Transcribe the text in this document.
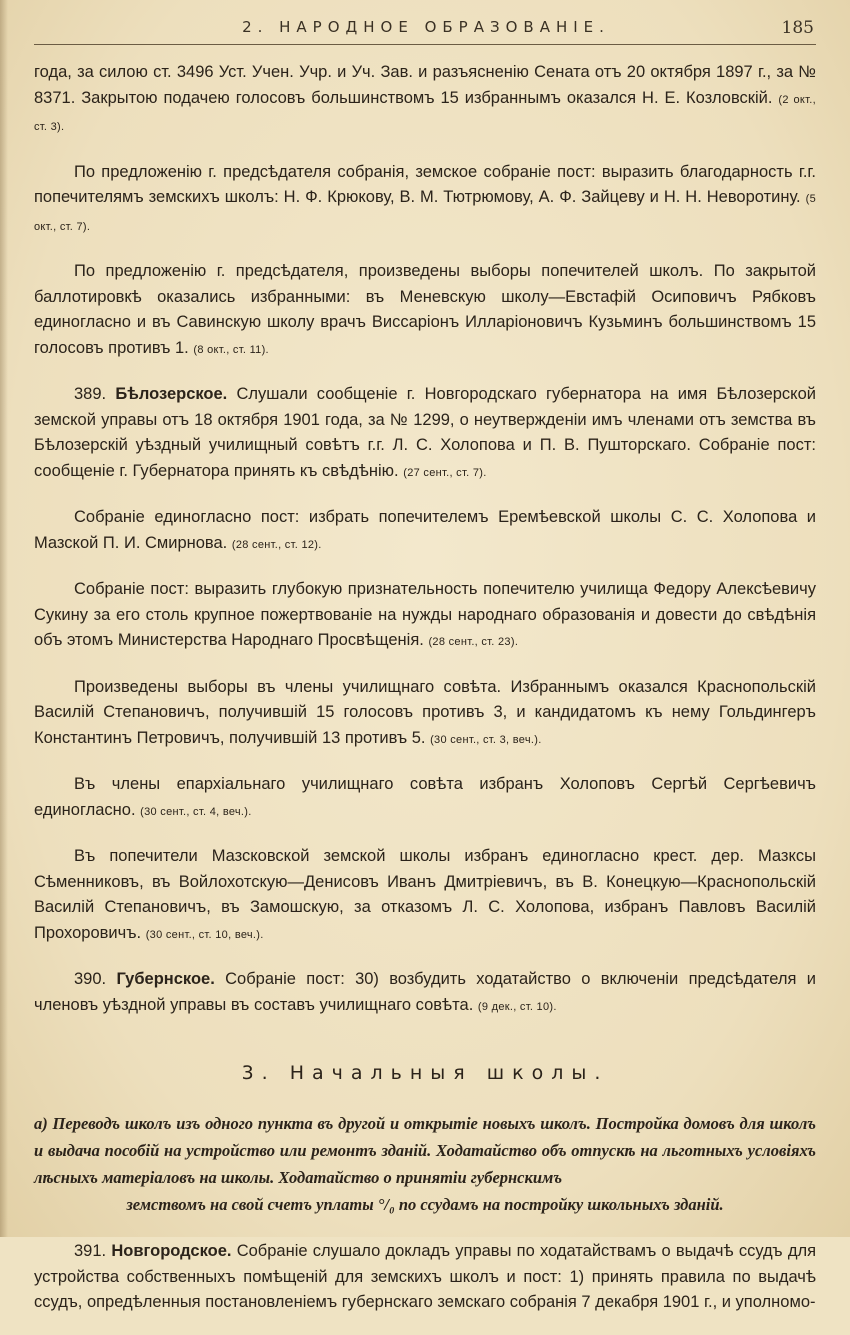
2. НАРОДНОЕ ОБРАЗОВАНІЕ.	185

года, за силою ст. 3496 Уст. Учен. Учр. и Уч. Зав. и разъясненію Сената отъ 20 октября 1897 г., за № 8371. Закрытою подачею голосовъ большинствомъ 15 избраннымъ оказался Н. Е. Козловскій. (2 окт., ст. 3).

По предложенію г. предсѣдателя собранія, земское собраніе пост: выразить благодарность г.г. попечителямъ земскихъ школъ: Н. Ф. Крюкову, В. М. Тютрюмову, А. Ф. Зайцеву и Н. Н. Неворотину. (5 окт., ст. 7).

По предложенію г. предсѣдателя, произведены выборы попечителей школъ. По закрытой баллотировкѣ оказались избранными: въ Меневскую школу—Евстафій Осиповичъ Рябковъ единогласно и въ Савинскую школу врачъ Виссаріонъ Илларіоновичъ Кузьминъ большинствомъ 15 голосовъ противъ 1. (8 окт., ст. 11).

389. Бѣлозерское. Слушали сообщеніе г. Новгородскаго губернатора на имя Бѣлозерской земской управы отъ 18 октября 1901 года, за № 1299, о неутвержденіи имъ членами отъ земства въ Бѣлозерскій уѣздный училищный совѣтъ г.г. Л. С. Холопова и П. В. Пушторскаго. Собраніе пост: сообщеніе г. Губернатора принять къ свѣдѣнію. (27 сент., ст. 7).

Собраніе единогласно пост: избрать попечителемъ Еремѣевской школы С. С. Холопова и Мазской П. И. Смирнова. (28 сент., ст. 12).

Собраніе пост: выразить глубокую признательность попечителю училища Федору Алексѣевичу Сукину за его столь крупное пожертвованіе на нужды народнаго образованія и довести до свѣдѣнія объ этомъ Министерства Народнаго Просвѣщенія. (28 сент., ст. 23).

Произведены выборы въ члены училищнаго совѣта. Избраннымъ оказался Краснопольскій Василій Степановичъ, получившій 15 голосовъ противъ 3, и кандидатомъ къ нему Гольдингеръ Константинъ Петровичъ, получившій 13 противъ 5. (30 сент., ст. 3, веч.).

Въ члены епархіальнаго училищнаго совѣта избранъ Холоповъ Сергѣй Сергѣевичъ единогласно. (30 сент., ст. 4, веч.).

Въ попечители Мазсковской земской школы избранъ единогласно крест. дер. Мазксы Сѣменниковъ, въ Войлохотскую—Денисовъ Иванъ Дмитріевичъ, въ В. Конецкую—Краснопольскій Василій Степановичъ, въ Замошскую, за отказомъ Л. С. Холопова, избранъ Павловъ Василій Прохоровичъ. (30 сент., ст. 10, веч.).

390. Губернское. Собраніе пост: 30) возбудить ходатайство о включеніи предсѣдателя и членовъ уѣздной управы въ составъ училищнаго совѣта. (9 дек., ст. 10).

3. Начальныя школы.
а) Переводъ школъ изъ одного пункта въ другой и открытіе новыхъ школъ. Постройка домовъ для школъ и выдача пособій на устройство или ремонтъ зданій. Ходатайство объ отпускѣ на льготныхъ условіяхъ лѣсныхъ матеріаловъ на школы. Ходатайство о принятіи губернскимъ
земствомъ на свой счетъ уплаты °/₀ по ссудамъ на постройку школьныхъ зданій.

391. Новгородское. Собраніе слушало докладъ управы по ходатайствамъ о выдачѣ ссудъ для устройства собственныхъ помѣщеній для земскихъ школъ и пост: 1) принять правила по выдачѣ ссудъ, опредѣленныя постановленіемъ губернскаго земскаго собранія 7 декабря 1901 г., и уполномо-
